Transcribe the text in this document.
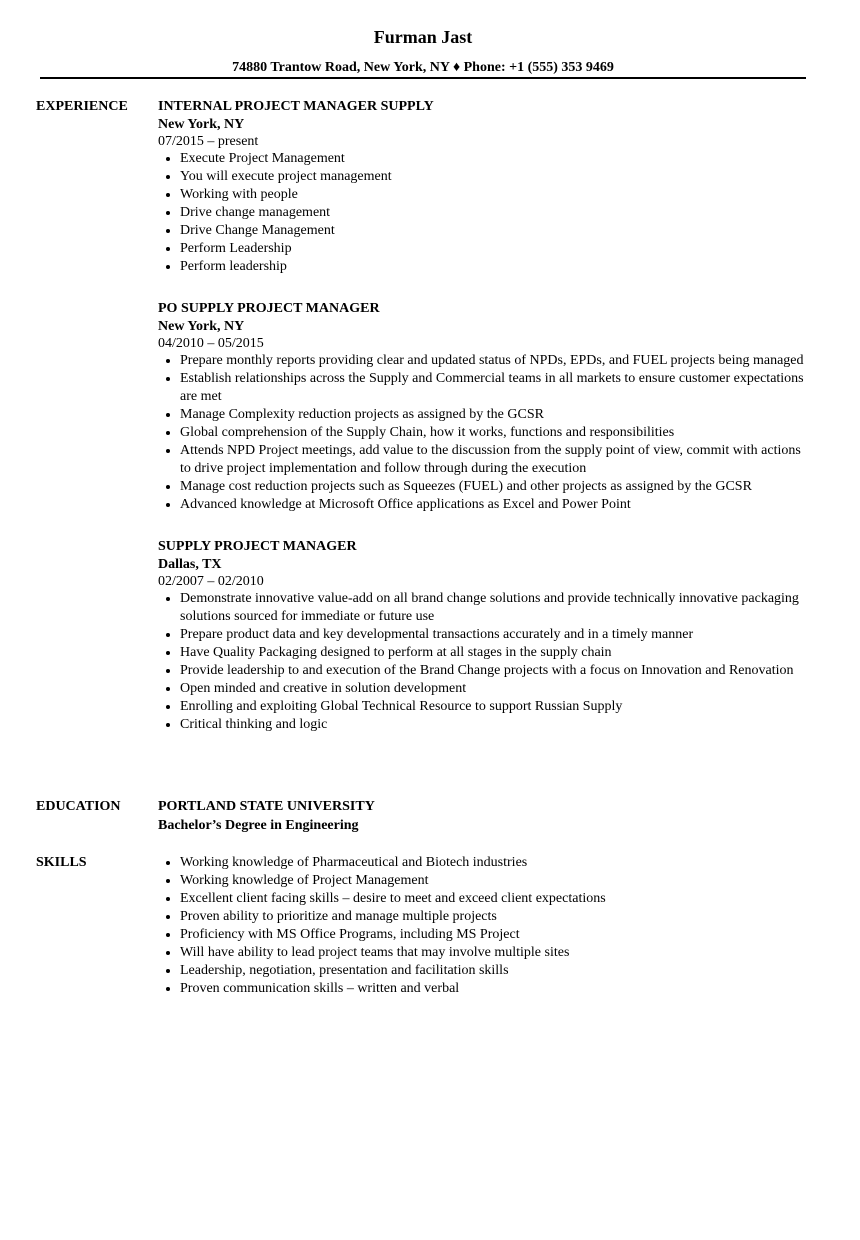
Furman Jast
74880 Trantow Road, New York, NY ♦ Phone: +1 (555) 353 9469
EXPERIENCE INTERNAL PROJECT MANAGER SUPPLY
New York, NY
07/2015 – present
• Execute Project Management
• You will execute project management
• Working with people
• Drive change management
• Drive Change Management
• Perform Leadership
• Perform leadership
PO SUPPLY PROJECT MANAGER
New York, NY
04/2010 – 05/2015
• Prepare monthly reports providing clear and updated status of NPDs, EPDs, and FUEL projects being managed
• Establish relationships across the Supply and Commercial teams in all markets to ensure customer expectations are met
• Manage Complexity reduction projects as assigned by the GCSR
• Global comprehension of the Supply Chain, how it works, functions and responsibilities
• Attends NPD Project meetings, add value to the discussion from the supply point of view, commit with actions to drive project implementation and follow through during the execution
• Manage cost reduction projects such as Squeezes (FUEL) and other projects as assigned by the GCSR
• Advanced knowledge at Microsoft Office applications as Excel and Power Point
SUPPLY PROJECT MANAGER
Dallas, TX
02/2007 – 02/2010
• Demonstrate innovative value-add on all brand change solutions and provide technically innovative packaging solutions sourced for immediate or future use
• Prepare product data and key developmental transactions accurately and in a timely manner
• Have Quality Packaging designed to perform at all stages in the supply chain
• Provide leadership to and execution of the Brand Change projects with a focus on Innovation and Renovation
• Open minded and creative in solution development
• Enrolling and exploiting Global Technical Resource to support Russian Supply
• Critical thinking and logic
EDUCATION	PORTLAND STATE UNIVERSITY
Bachelor’s Degree in Engineering
SKILLS
•	Working knowledge of Pharmaceutical and Biotech industries
• Working knowledge of Project Management
• Excellent client facing skills – desire to meet and exceed client expectations
• Proven ability to prioritize and manage multiple projects
• Proficiency with MS Office Programs, including MS Project
• Will have ability to lead project teams that may involve multiple sites
• Leadership, negotiation, presentation and facilitation skills
• Proven communication skills – written and verbal
